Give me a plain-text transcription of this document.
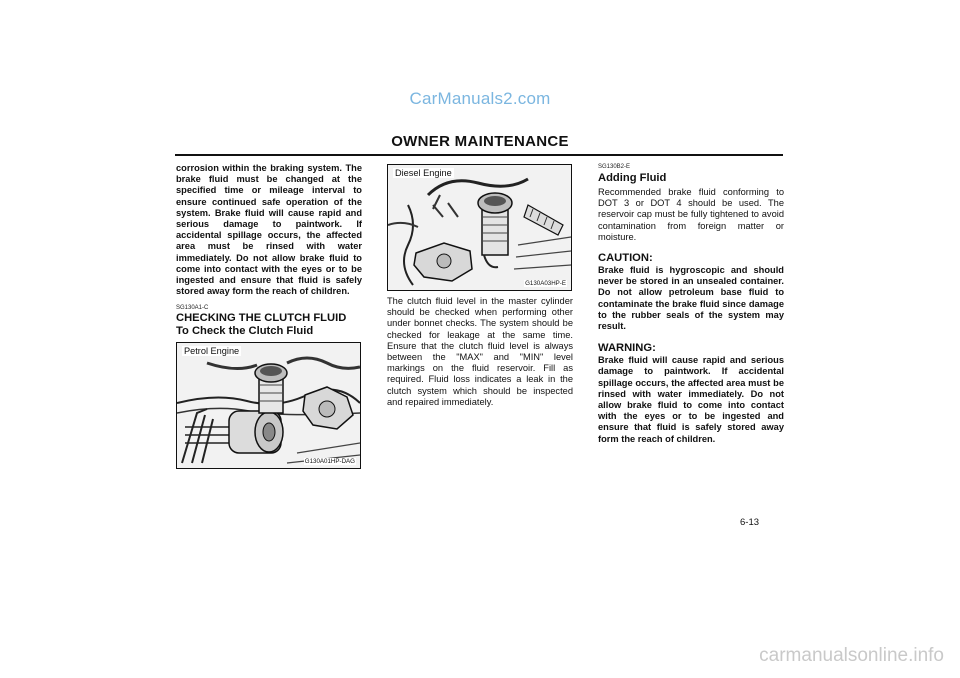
CarManuals2.com
OWNER MAINTENANCE
corrosion within the braking system. The brake fluid must be changed at the specified time or mileage interval to ensure continued safe operation of the system. Brake fluid will cause rapid and serious damage to paintwork. If accidental spillage occurs, the affected area must be rinsed with water immediately. Do not allow brake fluid to come into contact with the eyes or to be ingested and ensure that fluid is safely stored away form the reach of children.
SG130A1-C
CHECKING THE CLUTCH FLUID
To Check the Clutch Fluid
Petrol Engine
G130A01HP-DAG
Diesel Engine
G130A03HP-E
The clutch fluid level in the master cylinder should be checked when performing other under bonnet checks. The system should be checked for leakage at the same time. Ensure that the clutch fluid level is always between the "MAX" and "MIN" level markings on the fluid reservoir. Fill as required. Fluid loss indicates a leak in the clutch system which should be inspected and repaired immediately.
SG130B2-E
Adding Fluid
Recommended brake fluid conforming to DOT 3 or DOT 4 should be used. The reservoir cap must be fully tightened to avoid contamination from foreign matter or moisture.
CAUTION:
Brake fluid is hygroscopic and should never be stored in an unsealed container. Do not allow petroleum base fluid to contaminate the brake fluid since damage to the rubber seals of the system may result.
WARNING:
Brake fluid will cause rapid and serious damage to paintwork. If accidental spillage occurs, the affected area must be rinsed with water immediately. Do not allow brake fluid to come into contact with the eyes or to be ingested and ensure that fluid is safely stored away form the reach of children.
6-13
carmanualsonline.info
